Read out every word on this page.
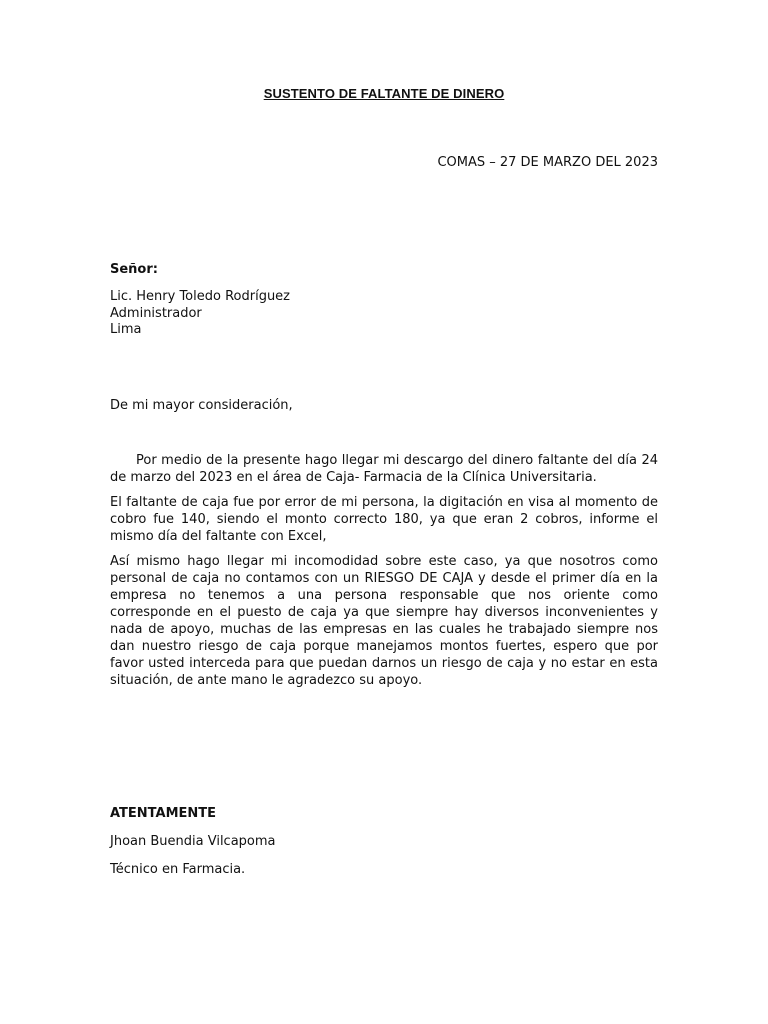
SUSTENTO DE FALTANTE DE DINERO
COMAS – 27 DE MARZO DEL 2023
Señor:
Lic. Henry Toledo Rodríguez
Administrador
Lima
De mi mayor consideración,

Por medio de la presente hago llegar mi descargo del dinero faltante del día 24 de marzo del 2023 en el área de Caja- Farmacia de la Clínica Universitaria.

El faltante de caja fue por error de mi persona, la digitación en visa al momento de cobro fue 140, siendo el monto correcto 180, ya que eran 2 cobros, informe el mismo día del faltante con Excel,

Así mismo hago llegar mi incomodidad sobre este caso, ya que nosotros como personal de caja no contamos con un RIESGO DE CAJA y desde el primer día en la empresa no tenemos a una persona responsable que nos oriente como corresponde en el puesto de caja ya que siempre hay diversos inconvenientes y nada de apoyo, muchas de las empresas en las cuales he trabajado siempre nos dan nuestro riesgo de caja porque manejamos montos fuertes, espero que por favor usted interceda para que puedan darnos un riesgo de caja y no estar en esta situación, de ante mano le agradezco su apoyo.

ATENTAMENTE
Jhoan Buendia Vilcapoma
Técnico en Farmacia.
